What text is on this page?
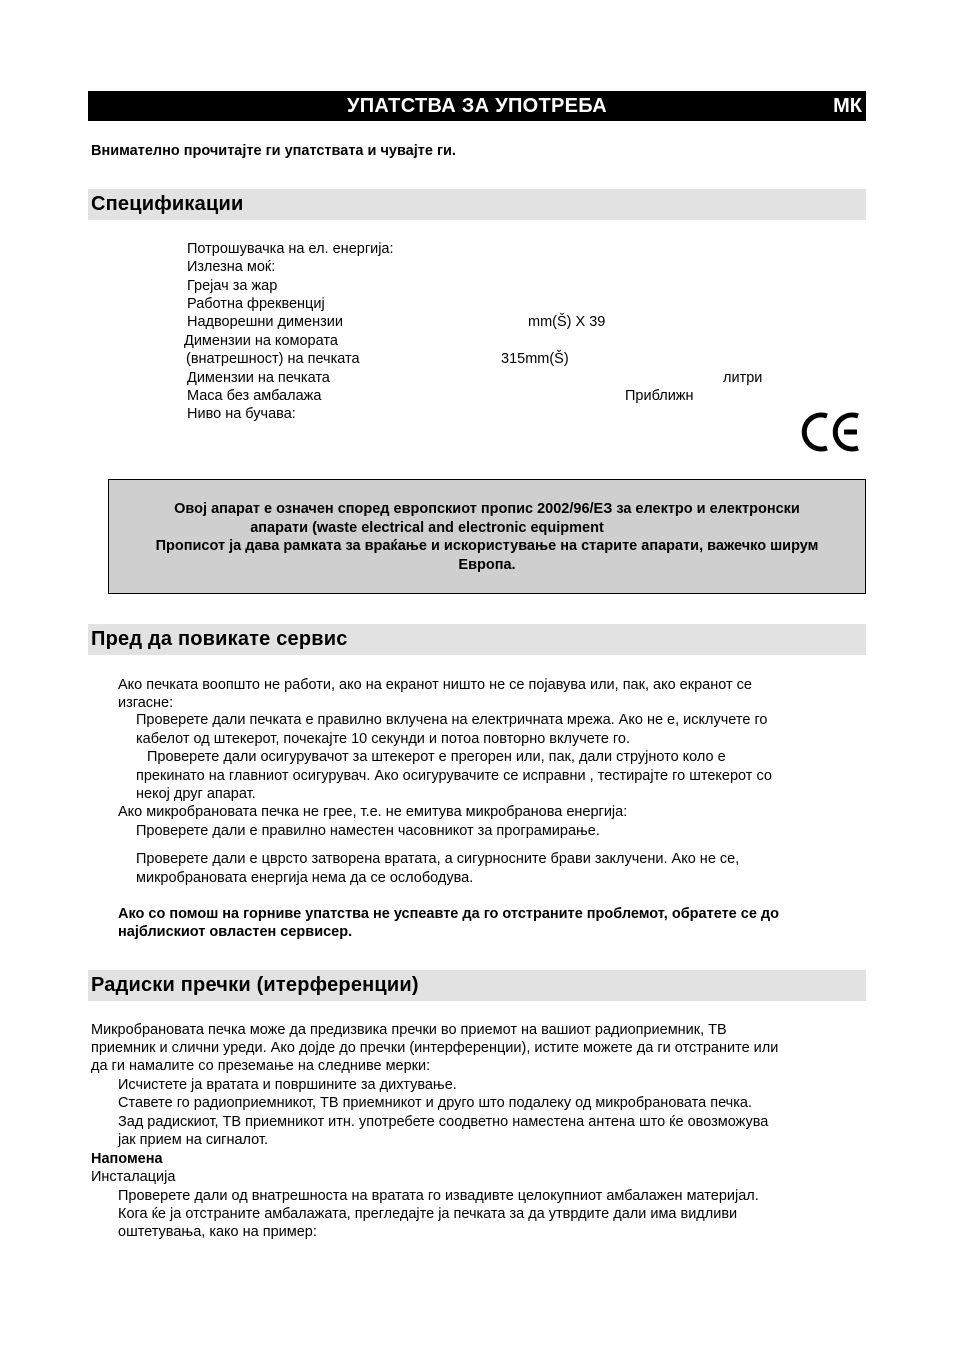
УПАТСТВА ЗА УПОТРЕБА	МК
Внимателно прочитајте ги упатствата и чувајте ги.
Спецификации
Потрошувачка на ел. енергија:
Излезна моќ:
Грејач за жар
Работна фреквенциј
Надворешни димензии	mm(Š) X 39
Димензии на комората
(внатрешност) на печката	315mm(Š)
Димензии на печката	литри
Маса без амбалажа	Приближн
Ниво на бучава:
Овој апарат е означен според европскиот пропис 2002/96/ЕЗ за електро и електронски
апарати (waste electrical and electronic equipment
Прописот ја дава рамката за враќање и искористување на старите апарати, важечко ширум
Европа.
Пред да повикате сервис
Ако печката воопшто не работи, ако на екранот ништо не се појавува или, пак, ако екранот се
изгасне:
Проверете дали печката е правилно вклучена на електричната мрежа. Ако не е, исклучете го
кабелот од штекерот, почекајте 10 секунди и потоа повторно вклучете го.
Проверете дали осигурувачот за штекерот е прегорен или, пак, дали струјното коло е
прекинато на главниот осигурувач. Ако осигурувачите се исправни , тестирајте го штекерот со
некој друг апарат.
Ако микробрановата печка не грее, т.е. не емитува микробранова енергија:
Проверете дали е правилно наместен часовникот за програмирање.
Проверете дали е цврсто затворена вратата, а сигурносните брави заклучени. Ако не се,
микробрановата енергија нема да се ослободува.
Ако со помош на горниве упатства не успеавте да го отстраните проблемот, обратете се до
најблискиот овластен сервисер.
Радиски пречки (итерференции)
Микробрановата печка може да предизвика пречки во приемот на вашиот радиоприемник, ТВ
приемник и слични уреди. Ако дојде до пречки (интерференции), истите можете да ги отстраните или
да ги намалите со преземање на следниве мерки:
Исчистете ја вратата и површините за дихтување.
Ставете го радиоприемникот, ТВ приемникот и друго што подалеку од микробрановата печка.
Зад радискиот, ТВ приемникот итн. употребете соодветно наместена антена што ќе овозможува
јак прием на сигналот.
Напомена
Инсталација
Проверете дали од внатрешноста на вратата го извадивте целокупниот амбалажен материјал.
Кога ќе ја отстраните амбалажата, прегледајте ја печката за да утврдите дали има видливи
оштетувања, како на пример:
